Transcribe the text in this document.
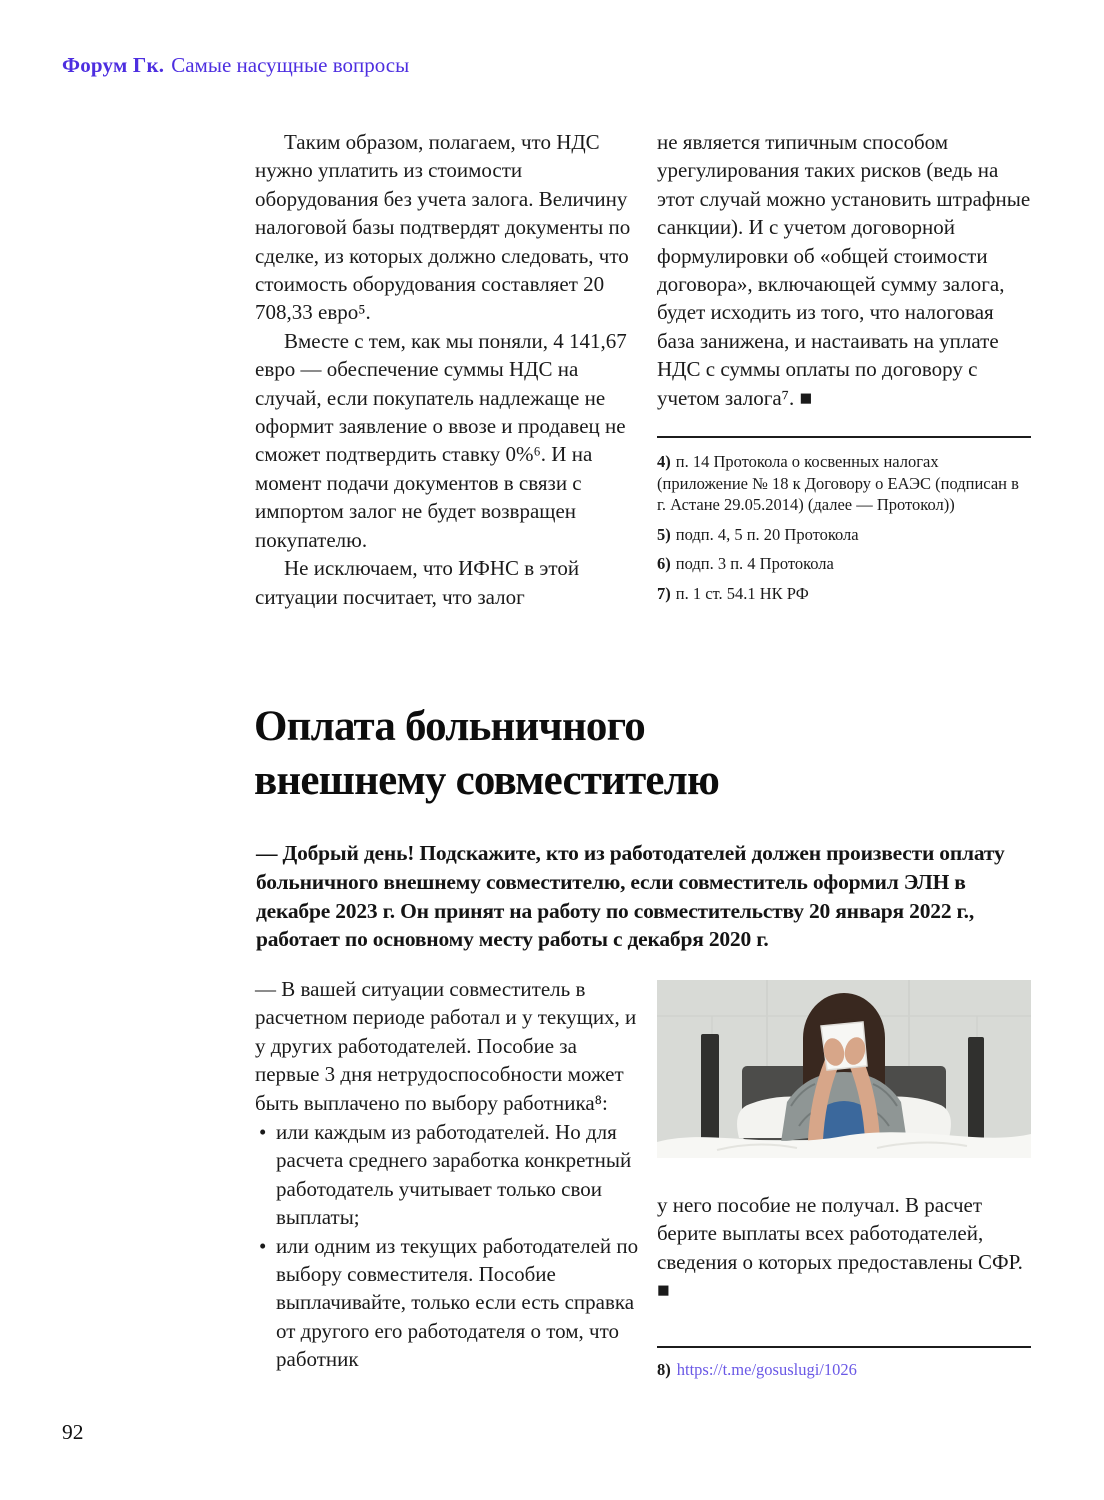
Форум Гк. Самые насущные вопросы

Таким образом, полагаем, что НДС нужно уплатить из стоимости оборудования без учета залога. Величину налоговой базы подтвердят документы по сделке, из которых должно следовать, что стоимость оборудования составляет 20 708,33 евро⁵.

Вместе с тем, как мы поняли, 4 141,67 евро — обеспечение суммы НДС на случай, если покупатель надлежаще не оформит заявление о ввозе и продавец не сможет подтвердить ставку 0%⁶. И на момент подачи документов в связи с импортом залог не будет возвращен покупателю.

Не исключаем, что ИФНС в этой ситуации посчитает, что залог

не является типичным способом урегулирования таких рисков (ведь на этот случай можно установить штрафные санкции). И с учетом договорной формулировки об «общей стоимости договора», включающей сумму залога, будет исходить из того, что налоговая база занижена, и настаивать на уплате НДС с суммы оплаты по договору с учетом залога⁷. ■

4) п. 14 Протокола о косвенных налогах (приложение № 18 к Договору о ЕАЭС (подписан в г. Астане 29.05.2014) (далее — Протокол))
5) подп. 4, 5 п. 20 Протокола
6) подп. 3 п. 4 Протокола
7) п. 1 ст. 54.1 НК РФ
Оплата больничного
внешнему совместителю

— Добрый день! Подскажите, кто из работодателей должен произвести оплату больничного внешнему совместителю, если совместитель оформил ЭЛН в декабре 2023 г. Он принят на работу по совместительству 20 января 2022 г., работает по основному месту работы с декабря 2020 г.

— В вашей ситуации совместитель в расчетном периоде работал и у текущих, и у других работодателей. Пособие за первые 3 дня нетрудоспособности может быть выплачено по выбору работника⁸:

• или каждым из работодателей. Но для расчета среднего заработка конкретный работодатель учитывает только свои выплаты;
• или одним из текущих работодателей по выбору совместителя. Пособие выплачивайте, только если есть справка от другого его работодателя о том, что работник

у него пособие не получал. В расчет берите выплаты всех работодателей, сведения о которых предоставлены СФР. ■

8) https://t.me/gosuslugi/1026
92
